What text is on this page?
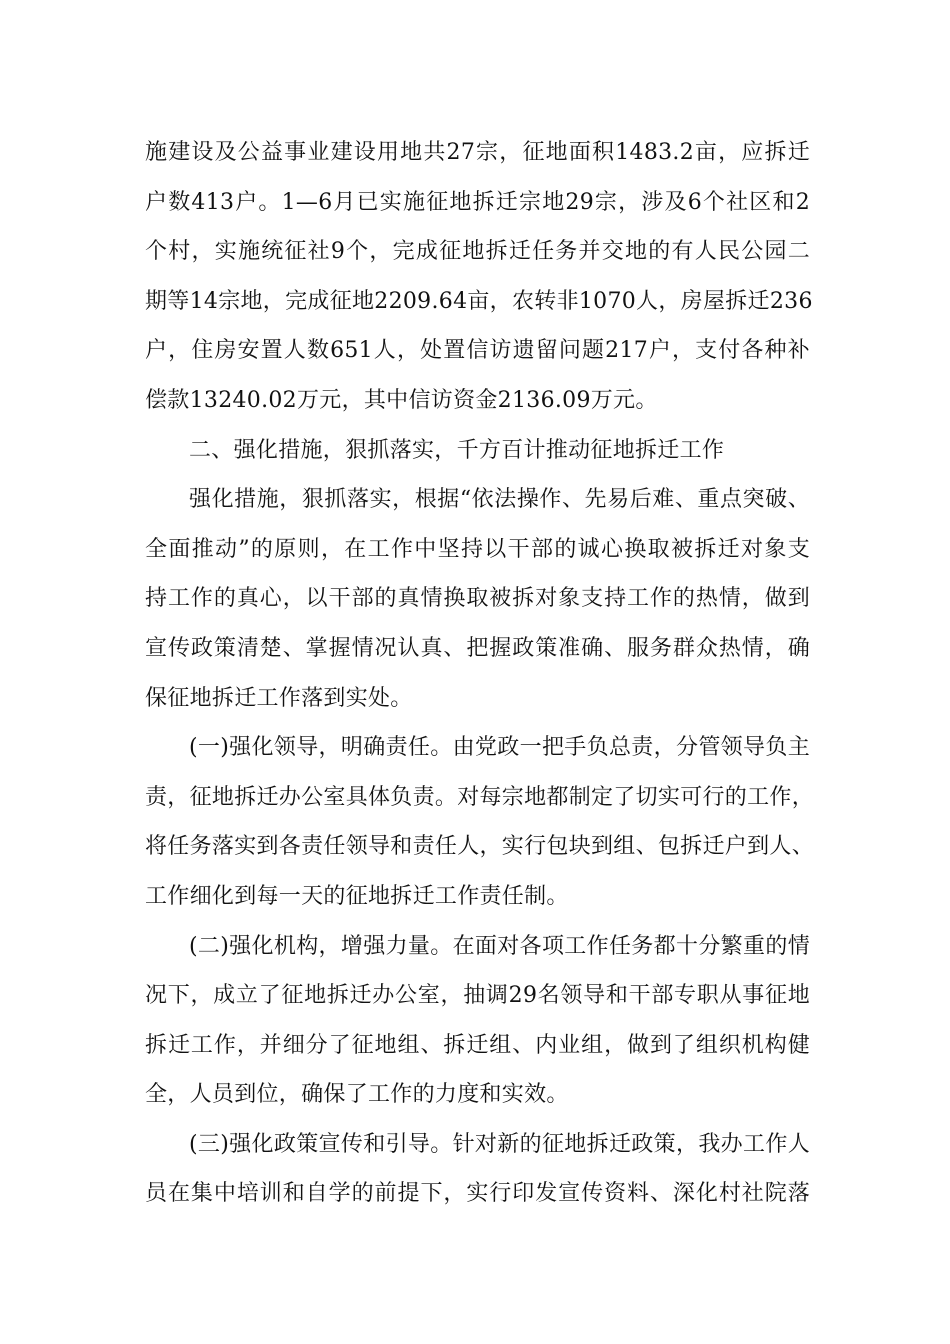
施建设及公益事业建设用地共27宗，征地面积1483.2亩，应拆迁
户数413户。1—6月已实施征地拆迁宗地29宗，涉及6个社区和2
个村，实施统征社9个，完成征地拆迁任务并交地的有人民公园二
期等14宗地，完成征地2209.64亩，农转非1070人，房屋拆迁236
户，住房安置人数651人，处置信访遗留问题217户，支付各种补
偿款13240.02万元，其中信访资金2136.09万元。
二、强化措施，狠抓落实，千方百计推动征地拆迁工作
强化措施，狠抓落实，根据“依法操作、先易后难、重点突破、
全面推动”的原则，在工作中坚持以干部的诚心换取被拆迁对象支
持工作的真心，以干部的真情换取被拆对象支持工作的热情，做到
宣传政策清楚、掌握情况认真、把握政策准确、服务群众热情，确
保征地拆迁工作落到实处。
(一)强化领导，明确责任。由党政一把手负总责，分管领导负主
责，征地拆迁办公室具体负责。对每宗地都制定了切实可行的工作，
将任务落实到各责任领导和责任人，实行包块到组、包拆迁户到人、
工作细化到每一天的征地拆迁工作责任制。
(二)强化机构，增强力量。在面对各项工作任务都十分繁重的情
况下，成立了征地拆迁办公室，抽调29名领导和干部专职从事征地
拆迁工作，并细分了征地组、拆迁组、内业组，做到了组织机构健
全，人员到位，确保了工作的力度和实效。
(三)强化政策宣传和引导。针对新的征地拆迁政策，我办工作人
员在集中培训和自学的前提下，实行印发宣传资料、深化村社院落
